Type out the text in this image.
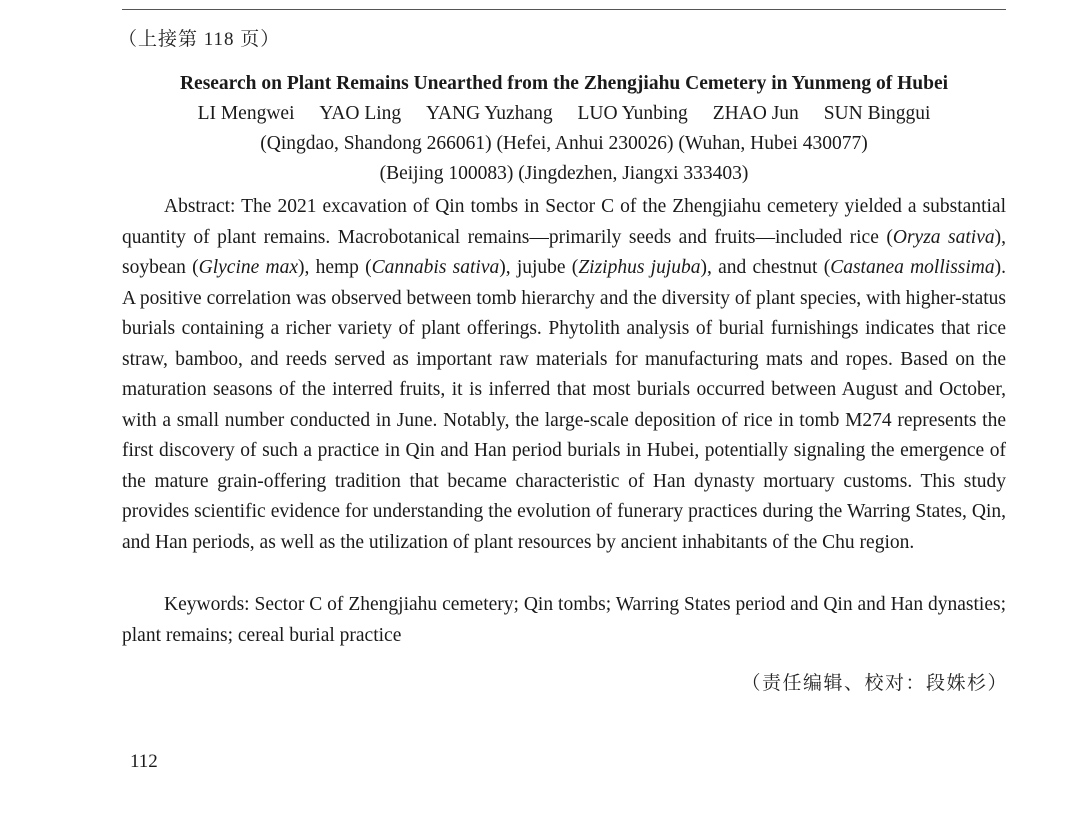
（上接第 118 页）
Research on Plant Remains Unearthed from the Zhengjiahu Cemetery in Yunmeng of Hubei
LI Mengwei YAO Ling YANG Yuzhang LUO Yunbing ZHAO Jun SUN Binggui
(Qingdao, Shandong 266061) (Hefei, Anhui 230026) (Wuhan, Hubei 430077)
(Beijing 100083) (Jingdezhen, Jiangxi 333403)

Abstract: The 2021 excavation of Qin tombs in Sector C of the Zhengjiahu cemetery yielded a substantial quantity of plant remains. Macrobotanical remains—primarily seeds and fruits—included rice (Oryza sativa), soybean (Glycine max), hemp (Cannabis sativa), jujube (Ziziphus jujuba), and chestnut (Castanea mollissima). A positive correlation was observed between tomb hierarchy and the diversity of plant species, with higher-status burials containing a richer variety of plant offerings. Phytolith analysis of burial furnishings indicates that rice straw, bamboo, and reeds served as important raw materials for manufacturing mats and ropes. Based on the maturation seasons of the interred fruits, it is inferred that most burials occurred between August and October, with a small number conducted in June. Notably, the large-scale deposition of rice in tomb M274 represents the first discovery of such a practice in Qin and Han period burials in Hubei, potentially signaling the emergence of the mature grain-offering tradition that became characteristic of Han dynasty mortuary customs. This study provides scientific evidence for understanding the evolution of funerary practices during the Warring States, Qin, and Han periods, as well as the utilization of plant resources by ancient inhabitants of the Chu region.

Keywords: Sector C of Zhengjiahu cemetery; Qin tombs; Warring States period and Qin and Han dynasties; plant remains; cereal burial practice

（责任编辑、校对：段姝杉）
112
